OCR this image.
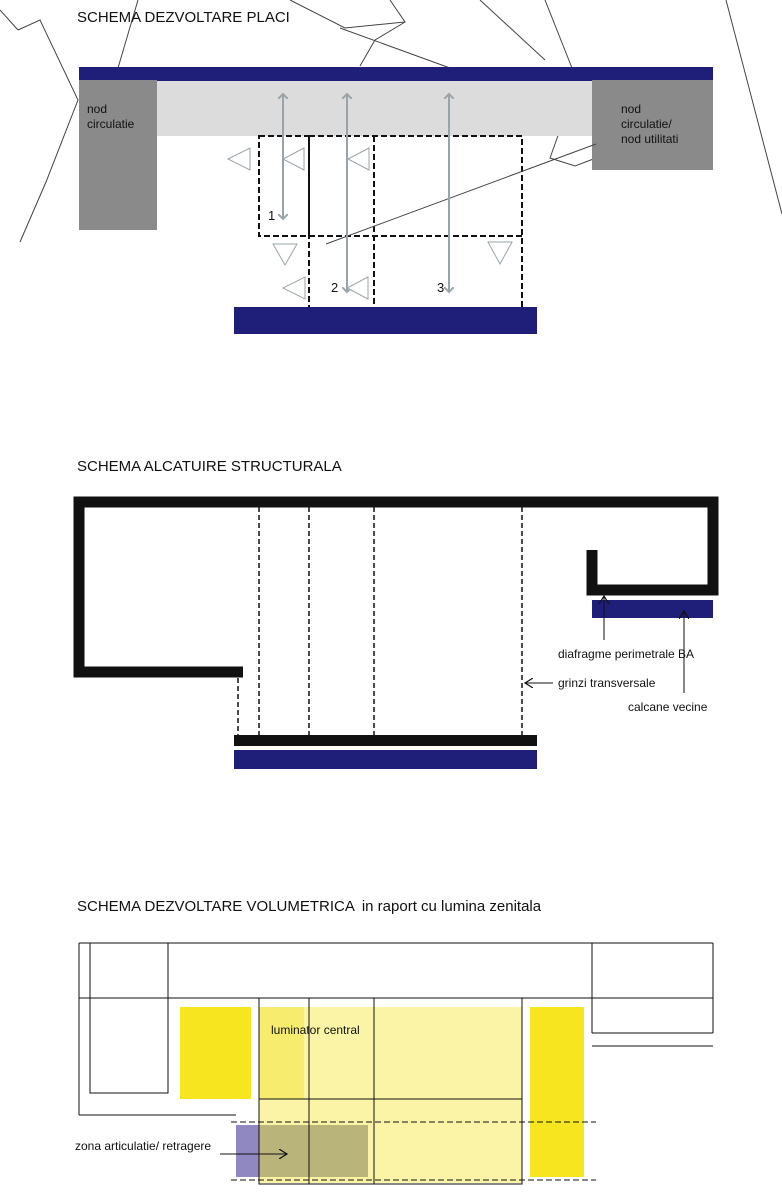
SCHEMA DEZVOLTARE PLACI
nod
circulatie
nod
circulatie/
nod utilitati
1
2	3
SCHEMA ALCATUIRE STRUCTURALA
diafragme perimetrale BA
grinzi transversale
calcane vecine
SCHEMA DEZVOLTARE VOLUMETRICA in raport cu lumina zenitala
luminator central
zona articulatie/ retragere
